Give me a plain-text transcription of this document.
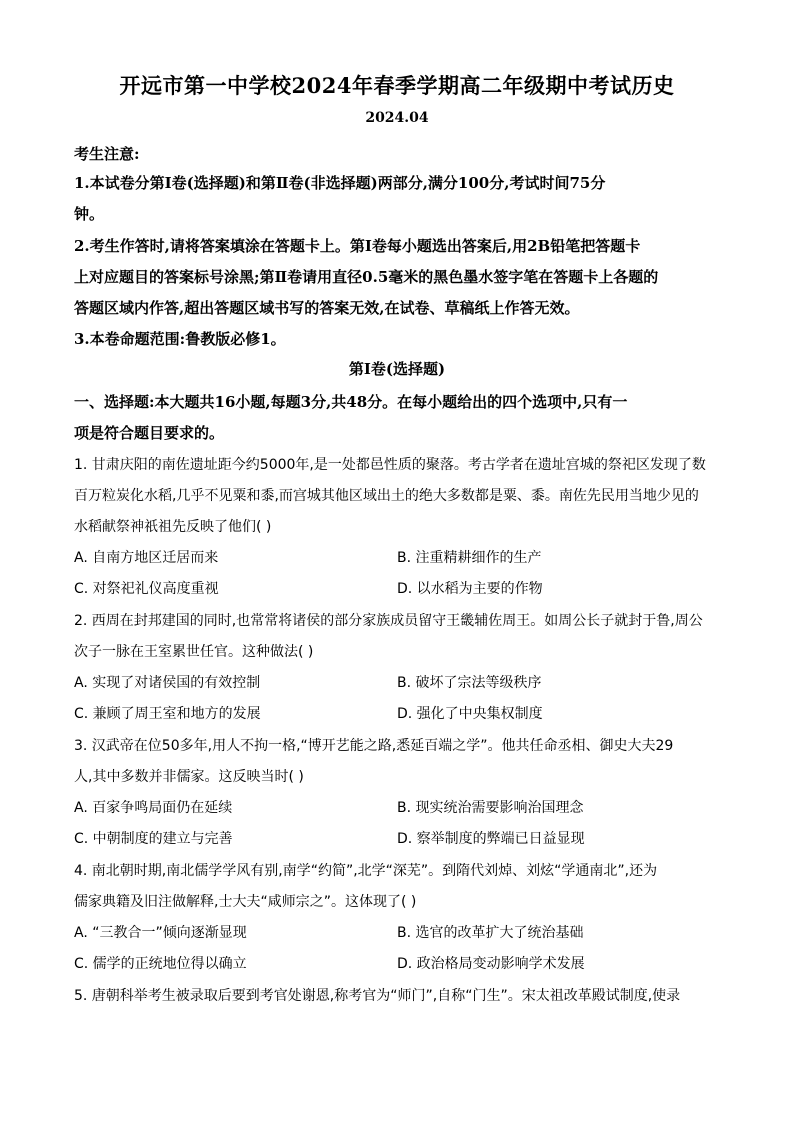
开远市第一中学校2024年春季学期高二年级期中考试历史
2024.04
考生注意:
1.本试卷分第Ⅰ卷(选择题)和第Ⅱ卷(非选择题)两部分,满分100分,考试时间75分
钟。
2.考生作答时,请将答案填涂在答题卡上。第Ⅰ卷每小题选出答案后,用2B铅笔把答题卡
上对应题目的答案标号涂黑;第Ⅱ卷请用直径0.5毫米的黑色墨水签字笔在答题卡上各题的
答题区域内作答,超出答题区域书写的答案无效,在试卷、草稿纸上作答无效。
3.本卷命题范围:鲁教版必修1。
第Ⅰ卷(选择题)
一、选择题:本大题共16小题,每题3分,共48分。在每小题给出的四个选项中,只有一
项是符合题目要求的。
1. 甘肃庆阳的南佐遗址距今约5000年,是一处都邑性质的聚落。考古学者在遗址宫城的祭祀区发现了数
百万粒炭化水稻,几乎不见粟和黍,而宫城其他区域出土的绝大多数都是粟、黍。南佐先民用当地少见的
水稻献祭神祇祖先反映了他们( )
A. 自南方地区迁居而来	B. 注重精耕细作的生产
C. 对祭祀礼仪高度重视	D. 以水稻为主要的作物
2. 西周在封邦建国的同时,也常常将诸侯的部分家族成员留守王畿辅佐周王。如周公长子就封于鲁,周公
次子一脉在王室累世任官。这种做法( )
A. 实现了对诸侯国的有效控制	B. 破坏了宗法等级秩序
C. 兼顾了周王室和地方的发展	D. 强化了中央集权制度
3. 汉武帝在位50多年,用人不拘一格,“博开艺能之路,悉延百端之学”。他共任命丞相、御史大夫29
人,其中多数并非儒家。这反映当时( )
A. 百家争鸣局面仍在延续	B. 现实统治需要影响治国理念
C. 中朝制度的建立与完善	D. 察举制度的弊端已日益显现
4. 南北朝时期,南北儒学学风有别,南学“约简”,北学“深芜”。到隋代刘焯、刘炫“学通南北”,还为
儒家典籍及旧注做解释,士大夫“咸师宗之”。这体现了( )
A. “三教合一”倾向逐渐显现	B. 选官的改革扩大了统治基础
C. 儒学的正统地位得以确立	D. 政治格局变动影响学术发展
5. 唐朝科举考生被录取后要到考官处谢恩,称考官为“师门”,自称“门生”。宋太祖改革殿试制度,使录
